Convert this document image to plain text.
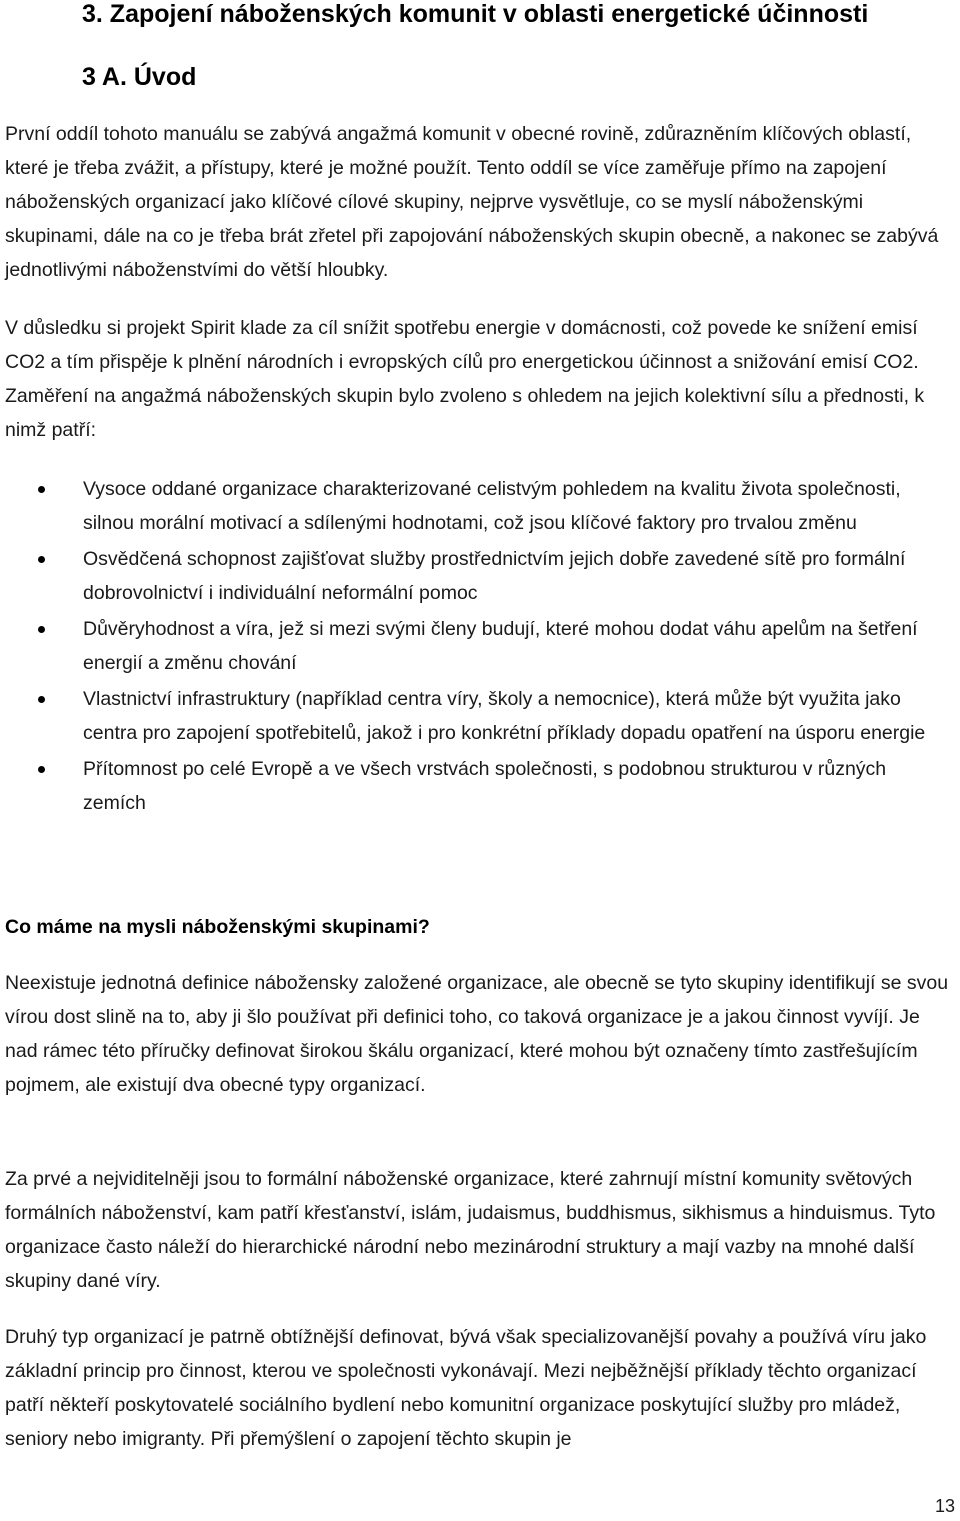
3. Zapojení náboženských komunit v oblasti energetické účinnosti
3 A. Úvod

První oddíl tohoto manuálu se zabývá angažmá komunit v obecné rovině, zdůrazněním klíčových oblastí, které je třeba zvážit, a přístupy, které je možné použít. Tento oddíl se více zaměřuje přímo na zapojení náboženských organizací jako klíčové cílové skupiny, nejprve vysvětluje, co se myslí náboženskými skupinami, dále na co je třeba brát zřetel při zapojování náboženských skupin obecně, a nakonec se zabývá jednotlivými náboženstvími do větší hloubky.

V důsledku si projekt Spirit klade za cíl snížit spotřebu energie v domácnosti, což povede ke snížení emisí CO2 a tím přispěje k plnění národních i evropských cílů pro energetickou účinnost a snižování emisí CO2. Zaměření na angažmá náboženských skupin bylo zvoleno s ohledem na jejich kolektivní sílu a přednosti, k nimž patří:

Vysoce oddané organizace charakterizované celistvým pohledem na kvalitu života společnosti, silnou morální motivací a sdílenými hodnotami, což jsou klíčové faktory pro trvalou změnu
Osvědčená schopnost zajišťovat služby prostřednictvím jejich dobře zavedené sítě pro formální dobrovolnictví i individuální neformální pomoc
Důvěryhodnost a víra, jež si mezi svými členy budují, které mohou dodat váhu apelům na šetření energií a změnu chování
Vlastnictví infrastruktury (například centra víry, školy a nemocnice), která může být využita jako centra pro zapojení spotřebitelů, jakož i pro konkrétní příklady dopadu opatření na úsporu energie
Přítomnost po celé Evropě a ve všech vrstvách společnosti, s podobnou strukturou v různých zemích
Co máme na mysli náboženskými skupinami?

Neexistuje jednotná definice nábožensky založené organizace, ale obecně se tyto skupiny identifikují se svou vírou dost slině na to, aby ji šlo používat při definici toho, co taková organizace je a jakou činnost vyvíjí. Je nad rámec této příručky definovat širokou škálu organizací, které mohou být označeny tímto zastřešujícím pojmem, ale existují dva obecné typy organizací.

Za prvé a nejviditelněji jsou to formální náboženské organizace, které zahrnují místní komunity světových formálních náboženství, kam patří křesťanství, islám, judaismus, buddhismus, sikhismus a hinduismus. Tyto organizace často náleží do hierarchické národní nebo mezinárodní struktury a mají vazby na mnohé další skupiny dané víry.

Druhý typ organizací je patrně obtížnější definovat, bývá však specializovanější povahy a používá víru jako základní princip pro činnost, kterou ve společnosti vykonávají. Mezi nejběžnější příklady těchto organizací patří někteří poskytovatelé sociálního bydlení nebo komunitní organizace poskytující služby pro mládež, seniory nebo imigranty. Při přemýšlení o zapojení těchto skupin je

13
